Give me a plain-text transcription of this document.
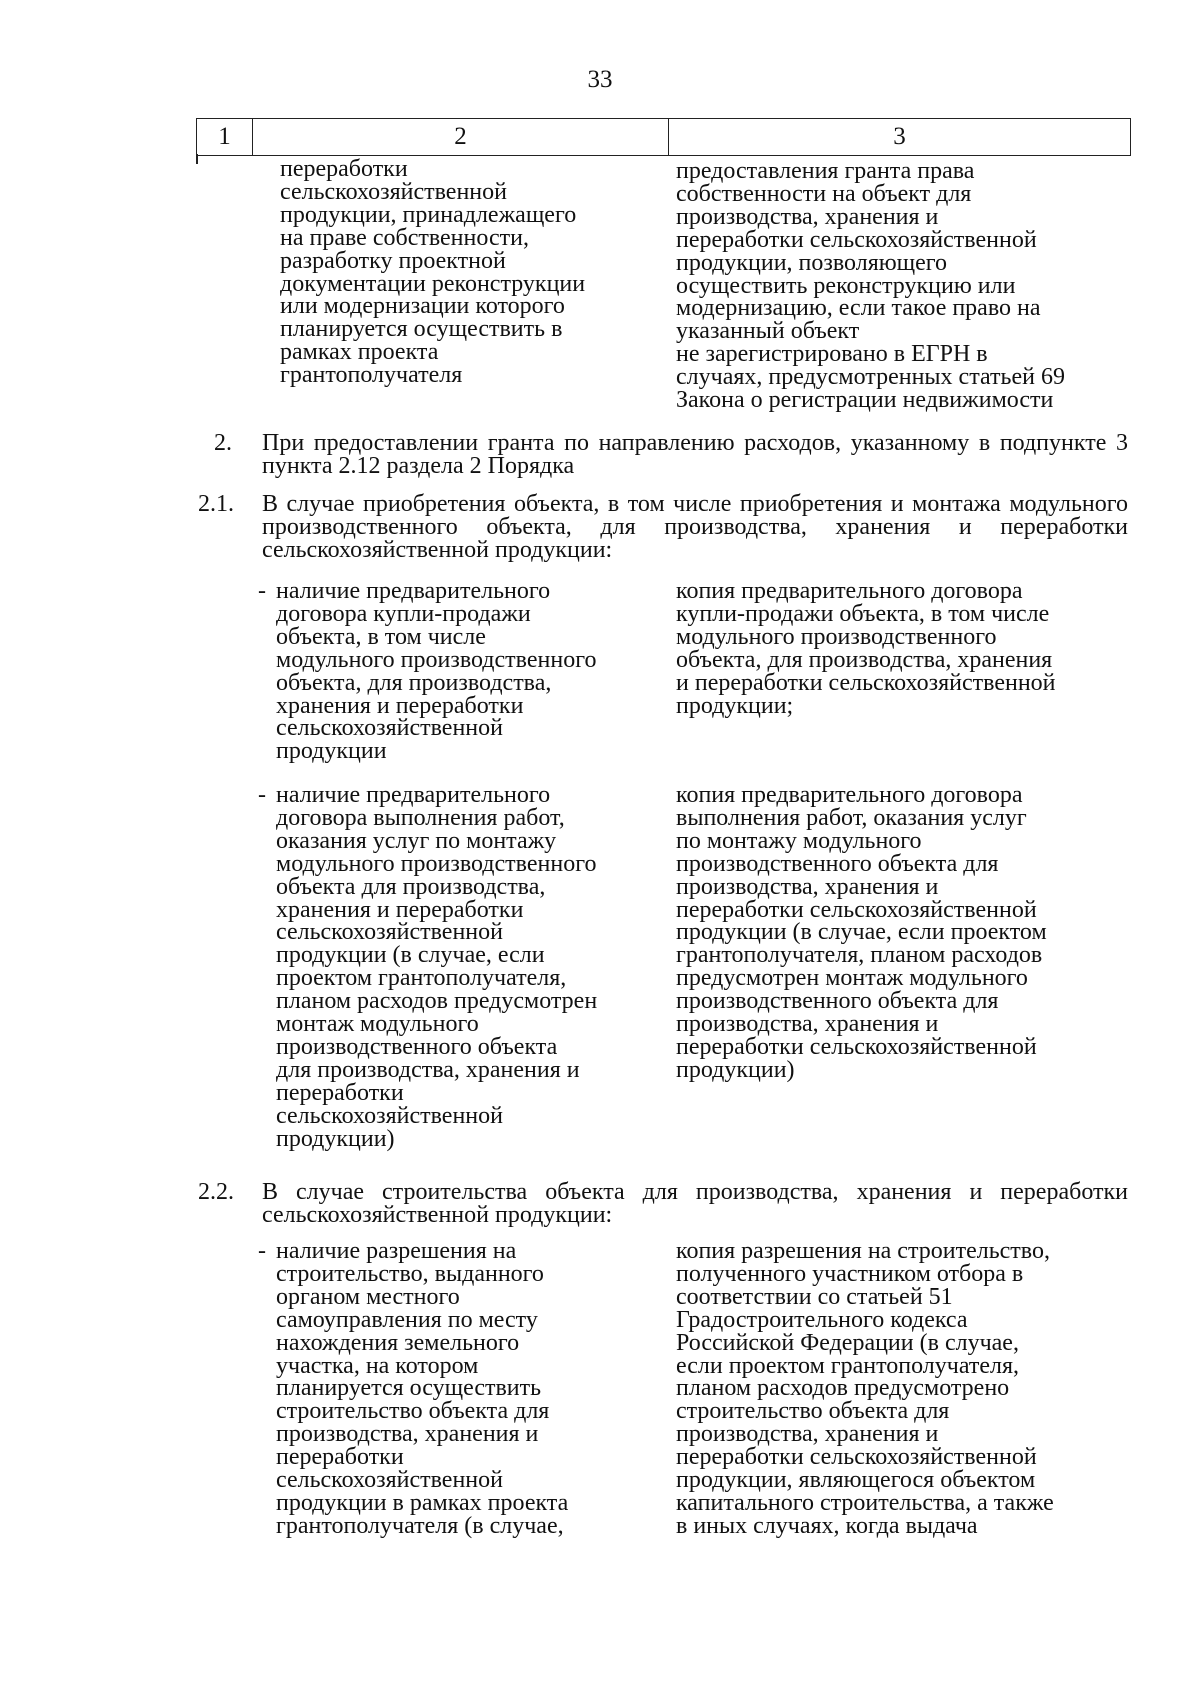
33
1	2	3
переработки
сельскохозяйственной
продукции, принадлежащего
на праве собственности,
разработку проектной
документации реконструкции
или модернизации которого
планируется осуществить в
рамках проекта
грантополучателя
предоставления гранта права
собственности на объект для
производства, хранения и
переработки сельскохозяйственной
продукции, позволяющего
осуществить реконструкцию или
модернизацию, если такое право на
указанный объект
не зарегистрировано в ЕГРН в
случаях, предусмотренных статьей 69
Закона о регистрации недвижимости
2. При предоставлении гранта по направлению расходов, указанному в подпункте 3 пункта 2.12 раздела 2 Порядка
2.1. В случае приобретения объекта, в том числе приобретения и монтажа модульного производственного объекта, для производства, хранения и переработки сельскохозяйственной продукции:
- наличие предварительного
договора купли-продажи
объекта, в том числе
модульного производственного
объекта, для производства,
хранения и переработки
сельскохозяйственной
продукции
копия предварительного договора
купли-продажи объекта, в том числе
модульного производственного
объекта, для производства, хранения
и переработки сельскохозяйственной
продукции;
- наличие предварительного
договора выполнения работ,
оказания услуг по монтажу
модульного производственного
объекта для производства,
хранения и переработки
сельскохозяйственной
продукции (в случае, если
проектом грантополучателя,
планом расходов предусмотрен
монтаж модульного
производственного объекта
для производства, хранения и
переработки
сельскохозяйственной
продукции)
копия предварительного договора
выполнения работ, оказания услуг
по монтажу модульного
производственного объекта для
производства, хранения и
переработки сельскохозяйственной
продукции (в случае, если проектом
грантополучателя, планом расходов
предусмотрен монтаж модульного
производственного объекта для
производства, хранения и
переработки сельскохозяйственной
продукции)
2.2. В случае строительства объекта для производства, хранения и переработки сельскохозяйственной продукции:
- наличие разрешения на
строительство, выданного
органом местного
самоуправления по месту
нахождения земельного
участка, на котором
планируется осуществить
строительство объекта для
производства, хранения и
переработки
сельскохозяйственной
продукции в рамках проекта
грантополучателя (в случае,
копия разрешения на строительство,
полученного участником отбора в
соответствии со статьей 51
Градостроительного кодекса
Российской Федерации (в случае,
если проектом грантополучателя,
планом расходов предусмотрено
строительство объекта для
производства, хранения и
переработки сельскохозяйственной
продукции, являющегося объектом
капитального строительства, а также
в иных случаях, когда выдача
